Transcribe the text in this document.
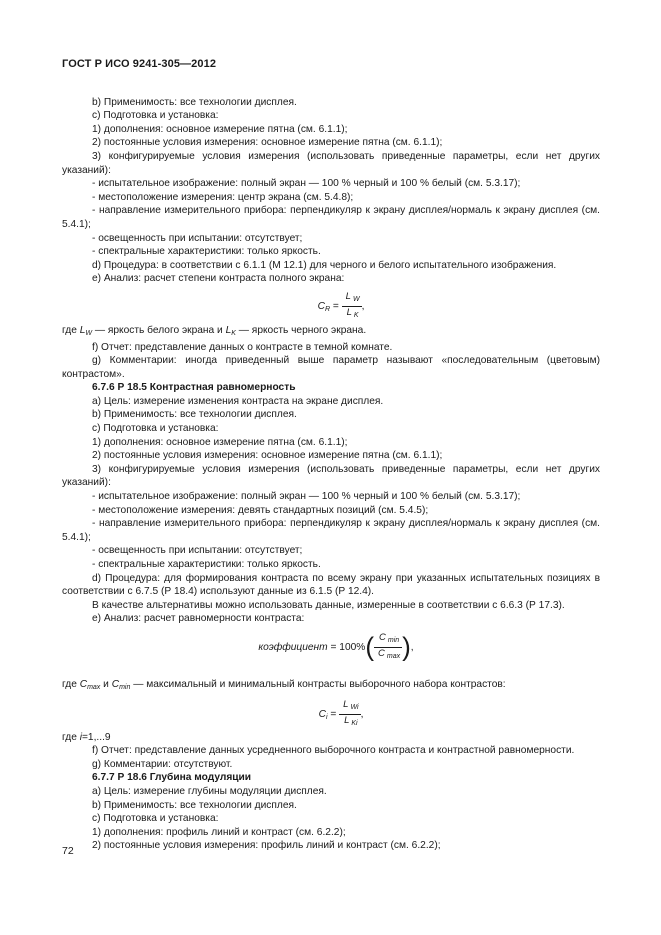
ГОСТ Р ИСО 9241-305—2012
b) Применимость: все технологии дисплея.
c) Подготовка и установка:
1) дополнения: основное измерение пятна (см. 6.1.1);
2) постоянные условия измерения: основное измерение пятна (см. 6.1.1);
3) конфигурируемые условия измерения (использовать приведенные параметры, если нет других указаний):
- испытательное изображение: полный экран — 100 % черный и 100 % белый (см. 5.3.17);
- местоположение измерения: центр экрана (см. 5.4.8);
- направление измерительного прибора: перпендикуляр к экрану дисплея/нормаль к экрану дисплея (см. 5.4.1);
- освещенность при испытании: отсутствует;
- спектральные характеристики: только яркость.
d) Процедура: в соответствии с 6.1.1 (М 12.1) для черного и белого испытательного изображения.
e) Анализ: расчет степени контраста полного экрана:
$C_R = \frac{L _W}{L _K}$ ,
где $L_W$ — яркость белого экрана и $L_K$ — яркость черного экрана.
f) Отчет: представление данных о контрасте в темной комнате.
g) Комментарии: иногда приведенный выше параметр называют «последовательным (цветовым) контрастом».
6.7.6 Р 18.5 Контрастная равномерность
a) Цель: измерение изменения контраста на экране дисплея.
b) Применимость: все технологии дисплея.
c) Подготовка и установка:
1) дополнения: основное измерение пятна (см. 6.1.1);
2) постоянные условия измерения: основное измерение пятна (см. 6.1.1);
3) конфигурируемые условия измерения (использовать приведенные параметры, если нет других указаний):
- испытательное изображение: полный экран — 100 % черный и 100 % белый (см. 5.3.17);
- местоположение измерения: девять стандартных позиций (см. 5.4.5);
- направление измерительного прибора: перпендикуляр к экрану дисплея/нормаль к экрану дисплея (см. 5.4.1);
- освещенность при испытании: отсутствует;
- спектральные характеристики: только яркость.
d) Процедура: для формирования контраста по всему экрану при указанных испытательных позициях в соответствии с 6.7.5 (Р 18.4) используют данные из 6.1.5 (Р 12.4).
В качестве альтернативы можно использовать данные, измеренные в соответствии с 6.6.3 (Р 17.3).
e) Анализ: расчет равномерности контраста:
коэффициент = 100%( C $_{min}$
C $_{max}$ ),
где $C_{max}$ и $C_{min}$ — максимальный и минимальный контрасты выборочного набора контрастов:
$C_i$ =
L $_{Wi}$
L $_{Ki}$
,
где i=1,...9
f) Отчет: представление данных усредненного выборочного контраста и контрастной равномерности.
g) Комментарии: отсутствуют.
6.7.7 Р 18.6 Глубина модуляции
a) Цель: измерение глубины модуляции дисплея.
b) Применимость: все технологии дисплея.
c) Подготовка и установка:
1) дополнения: профиль линий и контраст (см. 6.2.2);
2) постоянные условия измерения: профиль линий и контраст (см. 6.2.2);
72
